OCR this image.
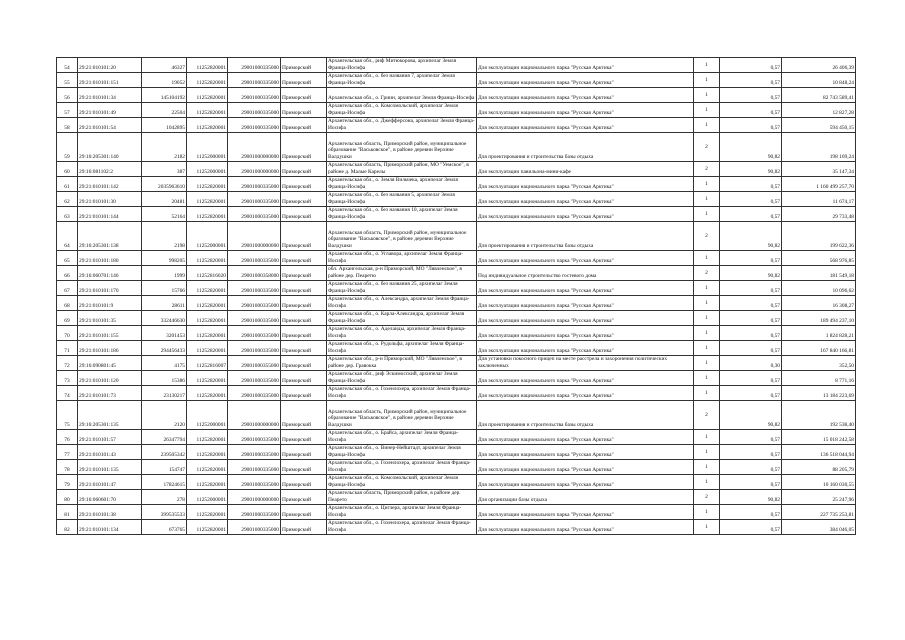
54	29:21:010101:20	46327	11252820001	29001000335000	Приморский	Архангельская обл., риф Митюкорова, архипелаг Земля Франца-Иосифа	Для эксплуатации национального парка "Русская Арктика"	1	0,57	26 406,39
55	29:21:010101:151	19052	11252820001	29001000335000	Приморский	Архангельская обл., о. без названия 7, архипелаг Земля Франца-Иосифа	Для эксплуатации национального парка "Русская Арктика"	1	0,57	10 848,24
56	29:21:010101:34	145104192	11252820001	29001000335000	Приморский	Архангельская обл., о. Гриин, архипелаг Земля Франца-Иосифа	Для эксплуатации национального парка "Русская Арктика"	1	0,57	82 743 589,41
57	29:21:010101:49	22504	11252820001	29001000335000	Приморский	Архангельская обл., о. Комсомольский, архипелаг Земля Франца-Иосифа	Для эксплуатации национального парка "Русская Арктика"	1	0,57	12 827,28
58	29:21:010101:54	1042895	11252820001	29001000335000	Приморский	Архангельская обл., о. Джефферсона, архипелаг Земля Франца-Иосифа	Для эксплуатации национального парка "Русская Арктика"	1	0,57	594 450,15
59	29:16:205301:140	2182	11252000001	29001000000000	Приморский	Архангельская область, Приморский район, муниципальное образование "Васьковское", в районе деревни Верхние Валдушки	Для проектирования и строительства базы отдыха	2	90,82	198 169,24
60	29:16:081102:2	387	11252000001	29001000000000	Приморский	Архангельская область, Приморский район, МО "Уемское", в районе д. Малые Карелы	Для эксплуатации павильона-мини-кафе	2	90,82	35 147,34
61	29:21:010101:142	2035963610	11252820001	29001000335000	Приморский	Архангельская обл., о. Земля Вильчека, архипелаг Земля Франца-Иосифа	Для эксплуатации национального парка "Русская Арктика"	1	0,57	1 160 499 257,70
62	29:21:010101:30	20481	11252820001	29001000335000	Приморский	Архангельская обл., о. без названия 5, архипелаг Земля Франца-Иосифа	Для эксплуатации национального парка "Русская Арктика"	1	0,57	11 674,17
63	29:21:010101:144	52164	11252820001	29001000335000	Приморский	Архангельская обл., о. без названия 10, архипелаг Земля Франца-Иосифа	Для эксплуатации национального парка "Русская Арктика"	1	0,57	29 733,48
64	29:16:205301:138	2198	11252000001	29001000000000	Приморский	Архангельская область, Приморский район, муниципальное образование "Васьковское", в районе деревни Верхние Валдушки	Для проектирования и строительства базы отдыха	2	90,82	199 622,36
65	29:21:010101:180	998205	11252820001	29001000335000	Приморский	Архангельская обл., о. Углавора, архипелаг Земля Франца-Иосифа	Для эксплуатации национального парка "Русская Арктика"	1	0,57	568 976,85
66	29:16:060701:146	1999	11252816020	29001000358000	Приморский	обл. Архангельская, р-н Приморский, МО "Лявленское", в районе дер. Пеаретю	Под индивидуальное строительство гостевого дома	2	90,82	181 549,18
67	29:21:010101:170	15766	11252820001	29001000335000	Приморский	Архангельская обл., о. без названия 25, архипелаг Земля Франца-Иосифа	Для эксплуатации национального парка "Русская Арктика"	1	0,57	10 096,62
68	29:21:010101:9	28611	11252820001	29001000335000	Приморский	Архангельская обл., о. Александра, архипелаг Земля Франца-Иосифа	Для эксплуатации национального парка "Русская Арктика"	1	0,57	16 308,27
69	29:21:010101:35	332446630	11252820001	29001000335000	Приморский	Архангельская обл., о. Карла-Александра, архипелаг Земля Франца-Иосифа	Для эксплуатации национального парка "Русская Арктика"	1	0,57	189 494 237,10
70	29:21:010101:155	3201453	11252820001	29001000335000	Приморский	Архангельская обл., о. Аделаиды, архипелаг Земля Франца-Иосифа	Для эксплуатации национального парка "Русская Арктика"	1	0,57	1 824 828,21
71	29:21:010101:186	294456433	11252820001	29001000335000	Приморский	Архангельская обл., о. Рудольфа, архипелаг Земля Франца-Иосифа	Для эксплуатации национального парка "Русская Арктика"	1	0,57	167 840 166,81
72	29:16:090801:45	4175	11252816007	29001000355000	Приморский	Архангельская обл., р-н Приморский, МО "Лявленское", в районе дер. Гравокка	Для установки покосного прицеп на месте расстрела и захоронения политических заключенных	1	0,30	352,50
73	29:21:010101:120	15386	11252820001	29001000335000	Приморский	Архангельская обл., риф Эскимосский, архипелаг Земля Франца-Иосифа	Для эксплуатации национального парка "Русская Арктика"	1	0,57	8 771,16
74	29:21:010101:73	23130217	11252820001	29001000335000	Приморский	Архангельская обл., о. Гохенлохера, архипелаг Земля Франца-Иосифа	Для эксплуатации национального парка "Русская Арктика"	1	0,57	13 184 223,69
75	29:16:205301:135	2120	11252000001	29001000000000	Приморский	Архангельская область, Приморский район, муниципальное образование "Васьковское", в районе деревни Верхние Валдушки	Для проектирования и строительства базы отдыха	2	90,82	192 538,40
76	29:21:010101:57	26347794	11252820001	29001000335000	Приморский	Архангельская обл., о. Брайса, архипелаг Земля Франца-Иосифа	Для эксплуатации национального парка "Русская Арктика"	1	0,57	15 018 242,58
77	29:21:010101:43	239505342	11252820001	29001000335000	Приморский	Архангельская обл., о. Винер-Нейштадт, архипелаг Земля Франца-Иосифа	Для эксплуатации национального парка "Русская Арктика"	1	0,57	136 518 044,94
78	29:21:010101:135	154747	11252820001	29001000335000	Приморский	Архангельская обл., о. Гохенлохера, архипелаг Земля Франца-Иосифа	Для эксплуатации национального парка "Русская Арктика"	1	0,57	88 205,79
79	29:21:010101:47	17824615	11252820001	29001000335000	Приморский	Архангельская обл., о. Комсомольский, архипелаг Земля Франца-Иосифа	Для эксплуатации национального парка "Русская Арктика"	1	0,57	10 160 030,55
80	29:16:060601:70	278	11252000001	29001000000000	Приморский	Архангельская область, Приморский район, в районе дер. Пеарето	Для организации базы отдыха	2	90,82	25 247,96
81	29:21:010101:38	399535533	11252820001	29001000335000	Приморский	Архангельская обл., о. Циглера, архипелаг Земля Франца-Иосифа	Для эксплуатации национального парка "Русская Арктика"	1	0,57	227 735 253,81
82	29:21:010101:134	673765	11252820001	29001000335000	Приморский	Архангельская обл., о. Гохенлохера, архипелаг Земля Франца-Иосифа	Для эксплуатации национального парка "Русская Арктика"	1	0,57	384 046,05
